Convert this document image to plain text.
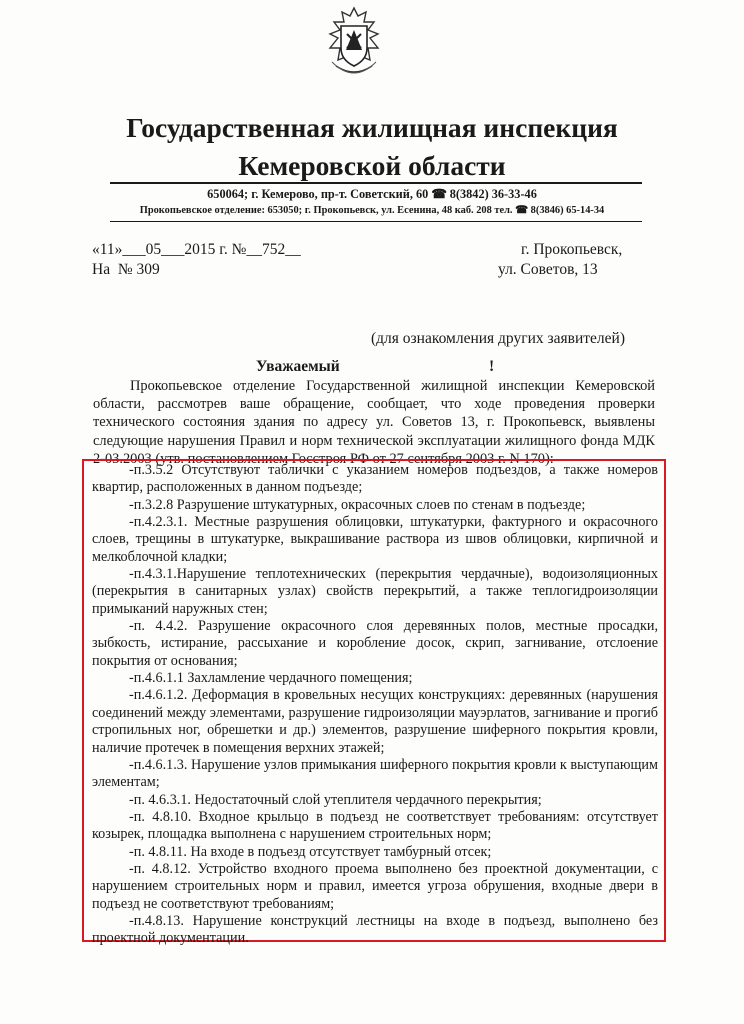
Государственная жилищная инспекция
Кемеровской области
650064; г. Кемерово, пр-т. Советский, 60 ☎ 8(3842) 36-33-46
Прокопьевское отделение: 653050; г. Прокопьевск, ул. Есенина, 48 каб. 208 тел. ☎ 8(3846) 65-14-34
«11»___05___2015 г. №__752__
На  № 309
г. Прокопьевск,
ул. Советов, 13
(для ознакомления других заявителей)
Уважаемый	!

Прокопьевское отделение Государственной жилищной инспекции Кемеровской области, рассмотрев ваше обращение, сообщает, что ходе проведения проверки технического состояния здания по адресу ул. Советов 13, г. Прокопьевск, выявлены следующие нарушения Правил и норм технической эксплуатации жилищного фонда МДК 2-03.2003 (утв. постановлением Госстроя РФ от 27 сентября 2003 г. N 170):

-п.3.5.2 Отсутствуют таблички с указанием номеров подъездов, а также номеров квартир, расположенных в данном подъезде;

-п.3.2.8 Разрушение штукатурных, окрасочных слоев по стенам в подъезде;

-п.4.2.3.1. Местные разрушения облицовки, штукатурки, фактурного и окрасочного слоев, трещины в штукатурке, выкрашивание раствора из швов облицовки, кирпичной и мелкоблочной кладки;

-п.4.3.1.Нарушение теплотехнических (перекрытия чердачные), водоизоляционных (перекрытия в санитарных узлах) свойств перекрытий, а также теплогидроизоляции примыканий наружных стен;

-п. 4.4.2. Разрушение окрасочного слоя деревянных полов, местные просадки, зыбкость, истирание, рассыхание и коробление досок, скрип, загнивание, отслоение покрытия от основания;

-п.4.6.1.1 Захламление чердачного помещения;

-п.4.6.1.2. Деформация в кровельных несущих конструкциях: деревянных (нарушения соединений между элементами, разрушение гидроизоляции мауэрлатов, загнивание и прогиб стропильных ног, обрешетки и др.) элементов, разрушение шиферного покрытия кровли, наличие протечек в помещения верхних этажей;

-п.4.6.1.3. Нарушение узлов примыкания шиферного покрытия кровли к выступающим элементам;

-п. 4.6.3.1. Недостаточный слой утеплителя чердачного перекрытия;

-п. 4.8.10. Входное крыльцо в подъезд не соответствует требованиям: отсутствует козырек, площадка выполнена с нарушением строительных норм;

-п. 4.8.11. На входе в подъезд отсутствует тамбурный отсек;

-п. 4.8.12. Устройство входного проема выполнено без проектной документации, с нарушением строительных норм и правил, имеется угроза обрушения, входные двери в подъезд не соответствуют требованиям;

-п.4.8.13. Нарушение конструкций лестницы на входе в подъезд, выполнено без проектной документации.
